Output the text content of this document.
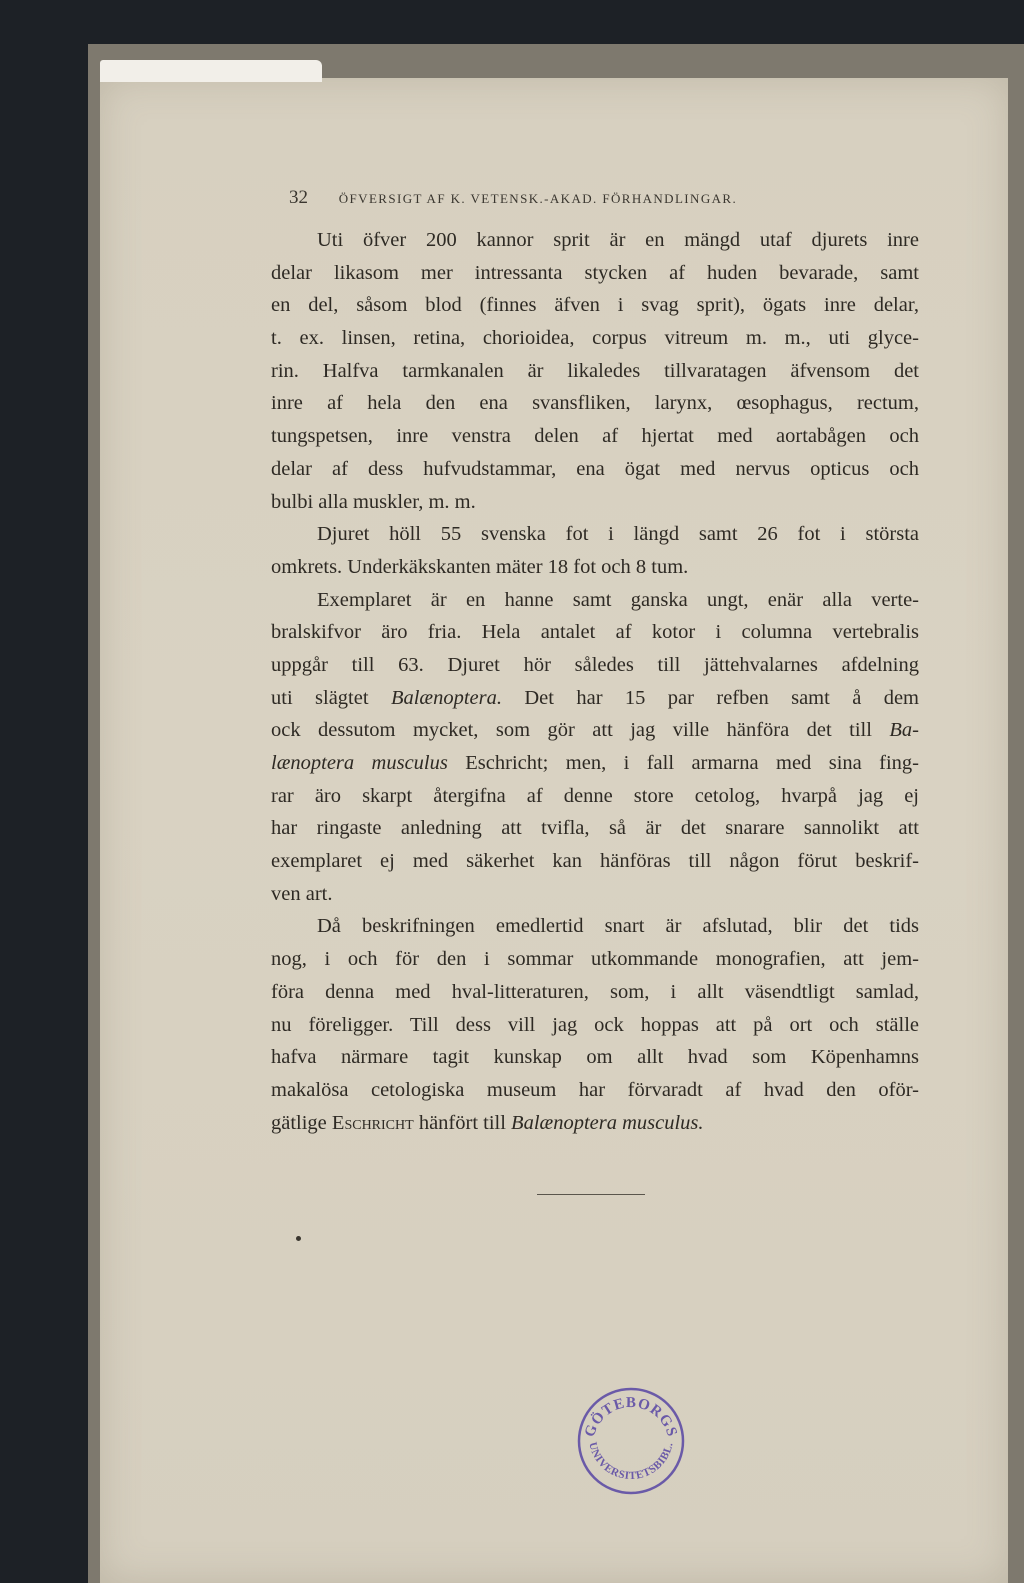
32 ÖFVERSIGT AF K. VETENSK.-AKAD. FÖRHANDLINGAR.
Uti öfver 200 kannor sprit är en mängd utaf djurets inre
delar likasom mer intressanta stycken af huden bevarade, samt
en del, såsom blod (finnes äfven i svag sprit), ögats inre delar,
t. ex. linsen, retina, chorioidea, corpus vitreum m. m., uti glyce-
rin. Halfva tarmkanalen är likaledes tillvaratagen äfvensom det
inre af hela den ena svansfliken, larynx, œsophagus, rectum,
tungspetsen, inre venstra delen af hjertat med aortabågen och
delar af dess hufvudstammar, ena ögat med nervus opticus och
bulbi alla muskler, m. m.
Djuret höll 55 svenska fot i längd samt 26 fot i största
omkrets. Underkäkskanten mäter 18 fot och 8 tum.
Exemplaret är en hanne samt ganska ungt, enär alla verte-
bralskifvor äro fria. Hela antalet af kotor i columna vertebralis
uppgår till 63. Djuret hör således till jättehvalarnes afdelning
uti slägtet Balænoptera. Det har 15 par refben samt å dem
ock dessutom mycket, som gör att jag ville hänföra det till Ba-
lænoptera musculus Eschricht; men, i fall armarna med sina fing-
rar äro skarpt återgifna af denne store cetolog, hvarpå jag ej
har ringaste anledning att tvifla, så är det snarare sannolikt att
exemplaret ej med säkerhet kan hänföras till någon förut beskrif-
ven art.
Då beskrifningen emedlertid snart är afslutad, blir det tids
nog, i och för den i sommar utkommande monografien, att jem-
föra denna med hval-litteraturen, som, i allt väsendtligt samlad,
nu föreligger. Till dess vill jag ock hoppas att på ort och ställe
hafva närmare tagit kunskap om allt hvad som Köpenhamns
makalösa cetologiska museum har förvaradt af hvad den oför-
gätlige Eschricht hänfört till Balænoptera musculus.
GÖTEBORGS
UNIVERSITETSBIBL.
